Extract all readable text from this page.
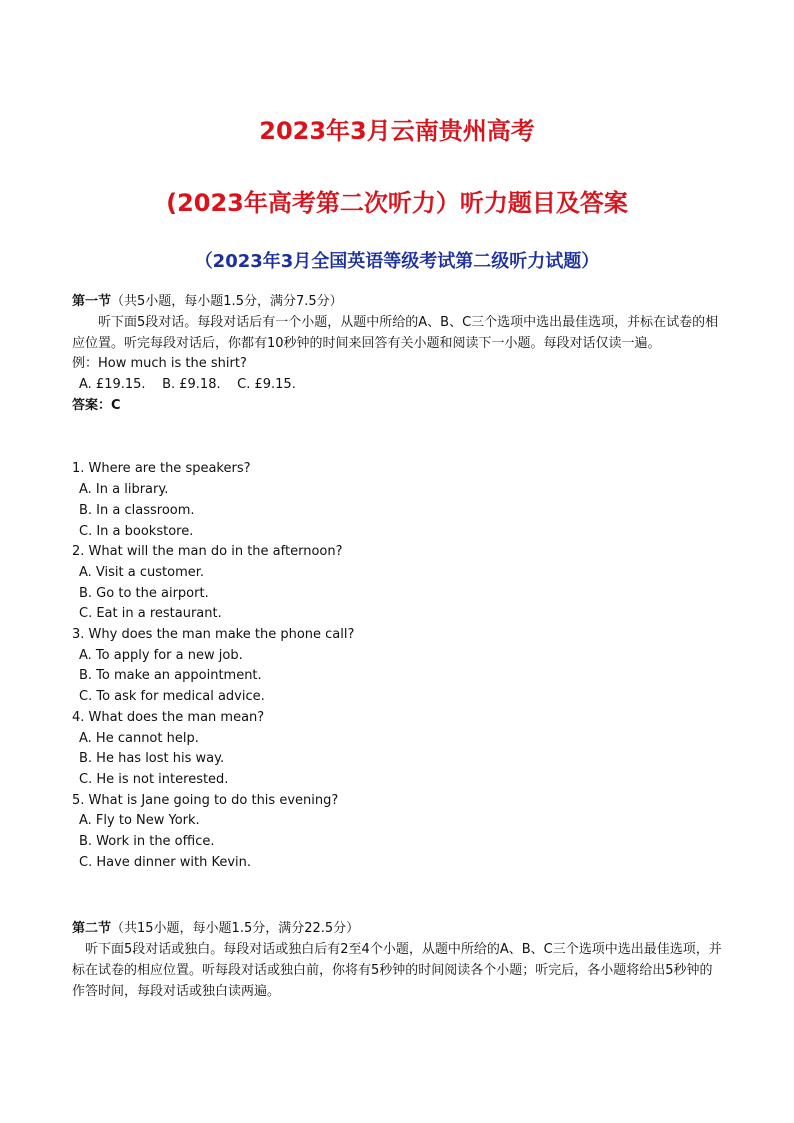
2023年3月云南贵州高考
(2023年高考第二次听力）听力题目及答案
（2023年3月全国英语等级考试第二级听力试题）
第一节（共5小题，每小题1.5分，满分7.5分）
听下面5段对话。每段对话后有一个小题，从题中所给的A、B、C三个选项中选出最佳选项，并标在试卷的相应位置。听完每段对话后，你都有10秒钟的时间来回答有关小题和阅读下一小题。每段对话仅读一遍。
例：How much is the shirt?
A. £19.15.    B. £9.18.    C. £9.15.
答案：C
1. Where are the speakers?
A. In a library.
B. In a classroom.
C. In a bookstore.
2. What will the man do in the afternoon?
A. Visit a customer.
B. Go to the airport.
C. Eat in a restaurant.
3. Why does the man make the phone call?
A. To apply for a new job.
B. To make an appointment.
C. To ask for medical advice.
4. What does the man mean?
A. He cannot help.
B. He has lost his way.
C. He is not interested.
5. What is Jane going to do this evening?
A. Fly to New York.
B. Work in the office.
C. Have dinner with Kevin.
第二节（共15小题，每小题1.5分，满分22.5分）
听下面5段对话或独白。每段对话或独白后有2至4个小题，从题中所给的A、B、C三个选项中选出最佳选项，并标在试卷的相应位置。听每段对话或独白前，你将有5秒钟的时间阅读各个小题；听完后，各小题将给出5秒钟的作答时间，每段对话或独白读两遍。
